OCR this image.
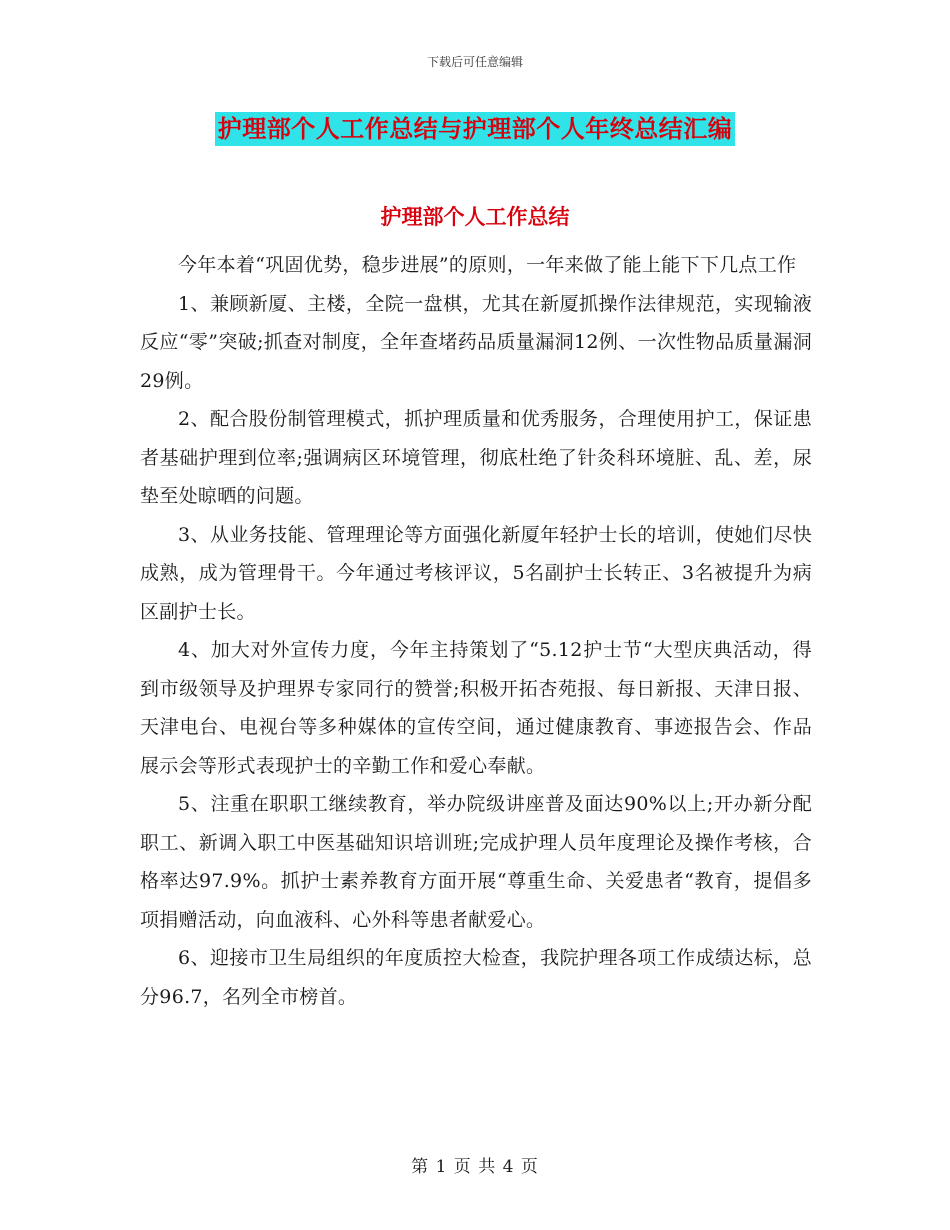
下载后可任意编辑
护理部个人工作总结与护理部个人年终总结汇编
护理部个人工作总结

今年本着“巩固优势，稳步进展”的原则，一年来做了能上能下下几点工作

1、兼顾新厦、主楼，全院一盘棋，尤其在新厦抓操作法律规范，实现输液反应“零”突破;抓查对制度，全年查堵药品质量漏洞12例、一次性物品质量漏洞29例。

2、配合股份制管理模式，抓护理质量和优秀服务，合理使用护工，保证患者基础护理到位率;强调病区环境管理，彻底杜绝了针灸科环境脏、乱、差，尿垫至处晾晒的问题。

3、从业务技能、管理理论等方面强化新厦年轻护士长的培训，使她们尽快成熟，成为管理骨干。今年通过考核评议，5名副护士长转正、3名被提升为病区副护士长。

4、加大对外宣传力度，今年主持策划了“5.12护士节“大型庆典活动，得到市级领导及护理界专家同行的赞誉;积极开拓杏苑报、每日新报、天津日报、天津电台、电视台等多种媒体的宣传空间，通过健康教育、事迹报告会、作品展示会等形式表现护士的辛勤工作和爱心奉献。

5、注重在职职工继续教育，举办院级讲座普及面达90%以上;开办新分配职工、新调入职工中医基础知识培训班;完成护理人员年度理论及操作考核，合格率达97.9%。抓护士素养教育方面开展“尊重生命、关爱患者“教育，提倡多项捐赠活动，向血液科、心外科等患者献爱心。

6、迎接市卫生局组织的年度质控大检查，我院护理各项工作成绩达标，总分96.7，名列全市榜首。

第 1 页 共 4 页
